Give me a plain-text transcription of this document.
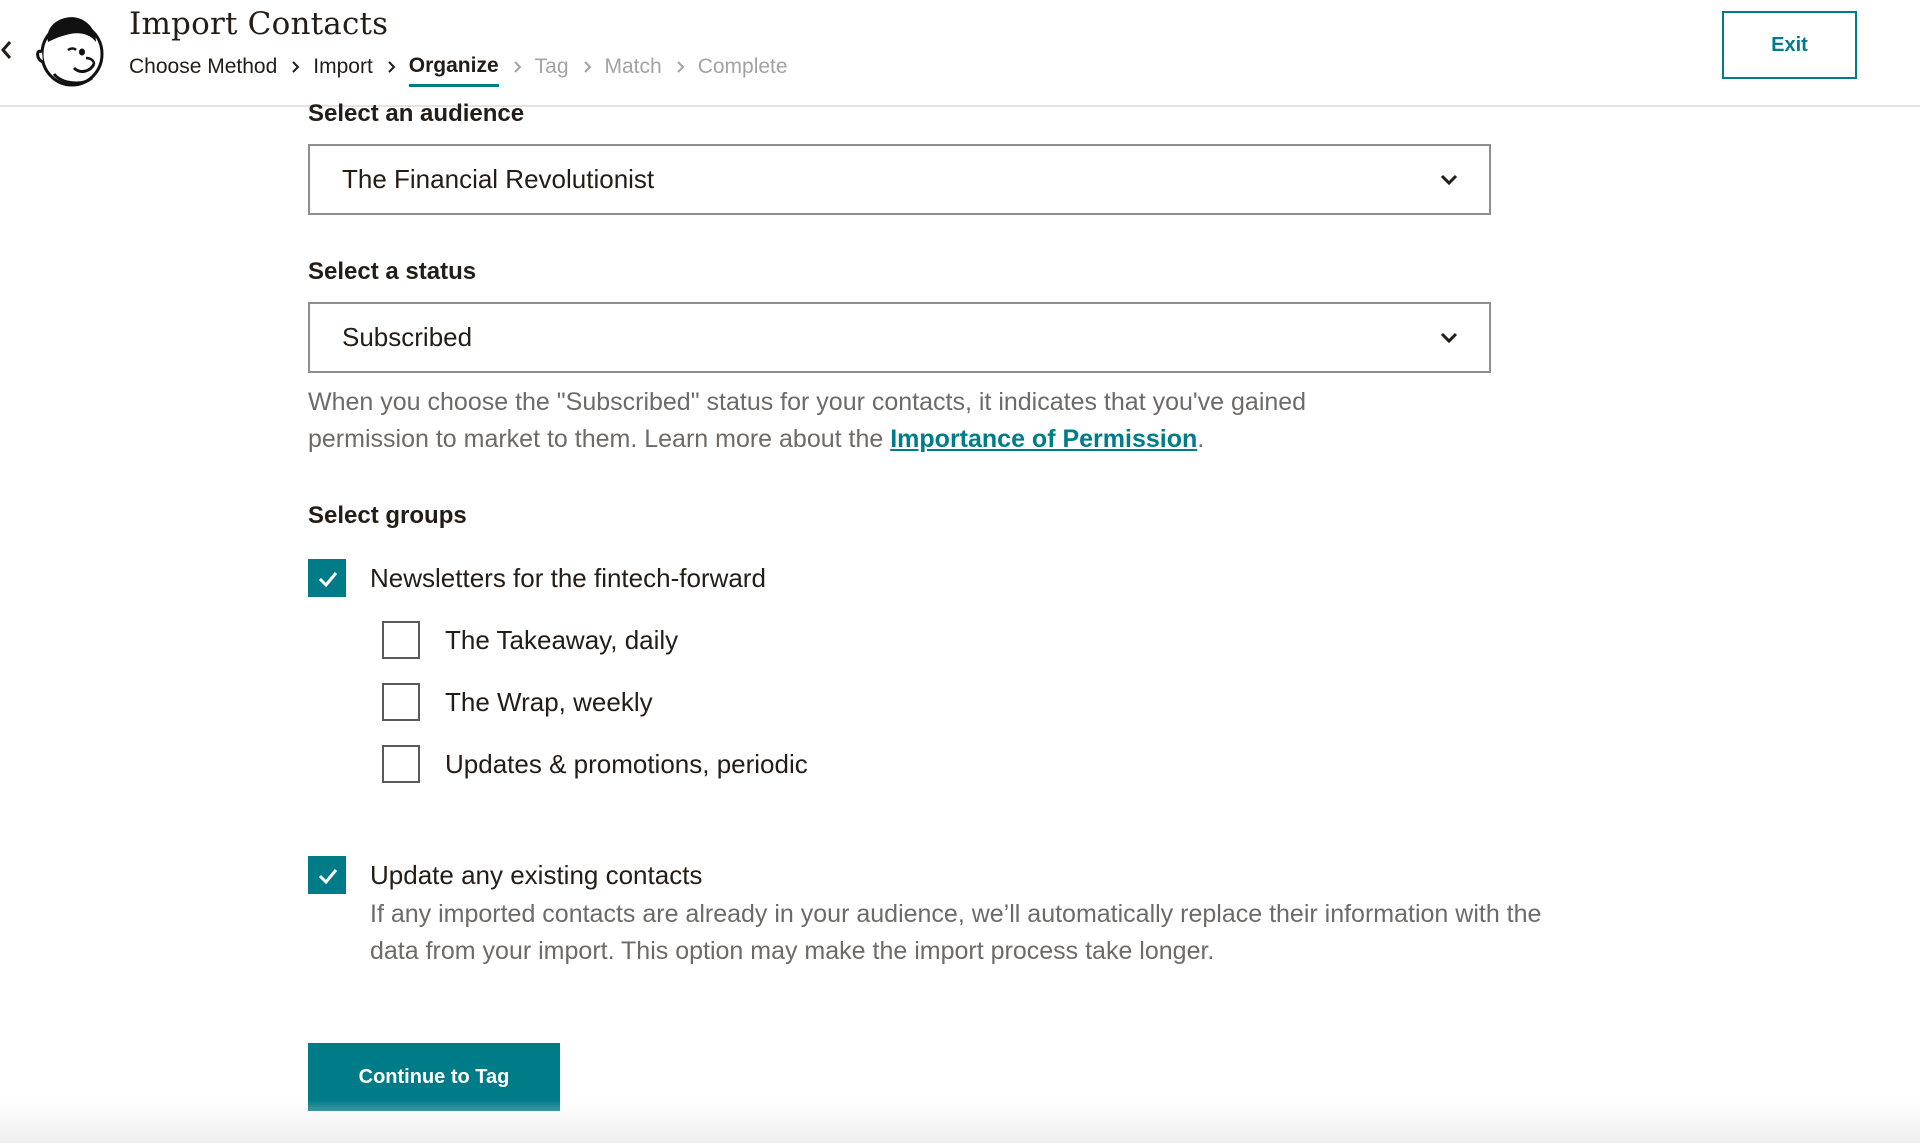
Import Contacts
Choose Method Import Organize Tag Match Complete
Exit
Select an audience
The Financial Revolutionist
Select a status
Subscribed
When you choose the "Subscribed" status for your contacts, it indicates that you've gained permission to market to them. Learn more about the Importance of Permission.
Select groups
Newsletters for the fintech-forward
The Takeaway, daily
The Wrap, weekly
Updates & promotions, periodic
Update any existing contacts
If any imported contacts are already in your audience, we’ll automatically replace their information with the data from your import. This option may make the import process take longer.
Continue to Tag
